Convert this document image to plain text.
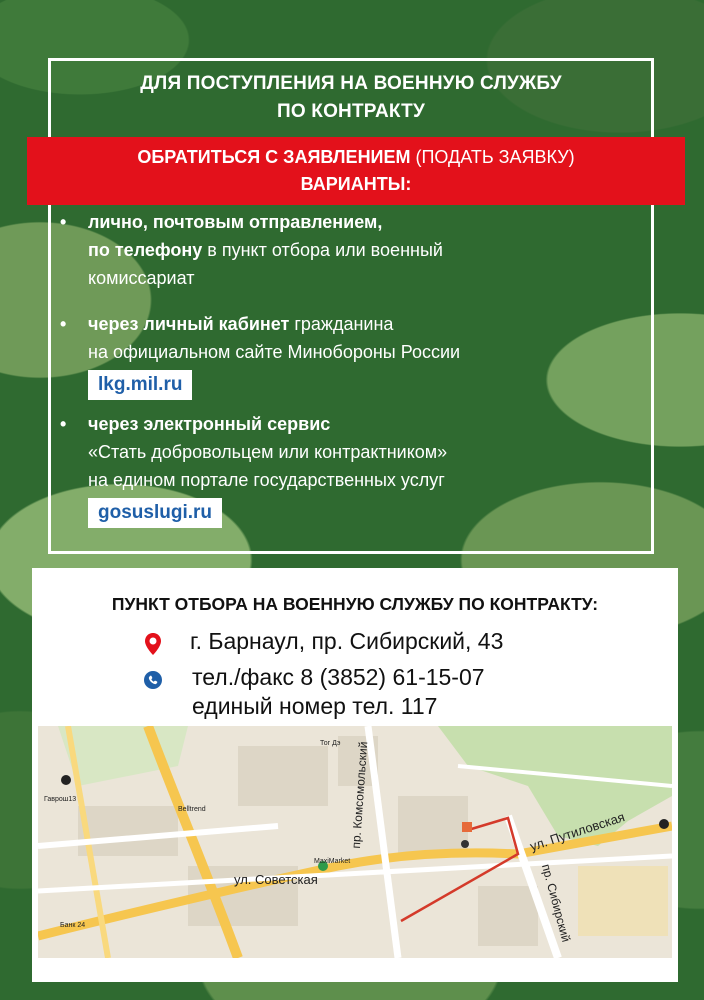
ДЛЯ ПОСТУПЛЕНИЯ НА ВОЕННУЮ СЛУЖБУ
ПО КОНТРАКТУ
ОБРАТИТЬСЯ С ЗАЯВЛЕНИЕМ (ПОДАТЬ ЗАЯВКУ)
ВАРИАНТЫ:
• лично, почтовым отправлением,
по телефону в пункт отбора или военный
комиссариат
• через личный кабинет гражданина
на официальном сайте Минобороны России
lkg.mil.ru
• через электронный сервис
«Стать добровольцем или контрактником»
на едином портале государственных услуг
gosuslugi.ru
ПУНКТ ОТБОРА НА ВОЕННУЮ СЛУЖБУ ПО КОНТРАКТУ:
г. Барнаул, пр. Сибирский, 43
тел./факс 8 (3852) 61-15-07
единый номер тел. 117
ул. Советская
пр. Комсомольский	ул. Путиловская
пр. Сибирский
Тог Дэ
Belltrend
Гаврош13
MaxiMarket
Банк 24
